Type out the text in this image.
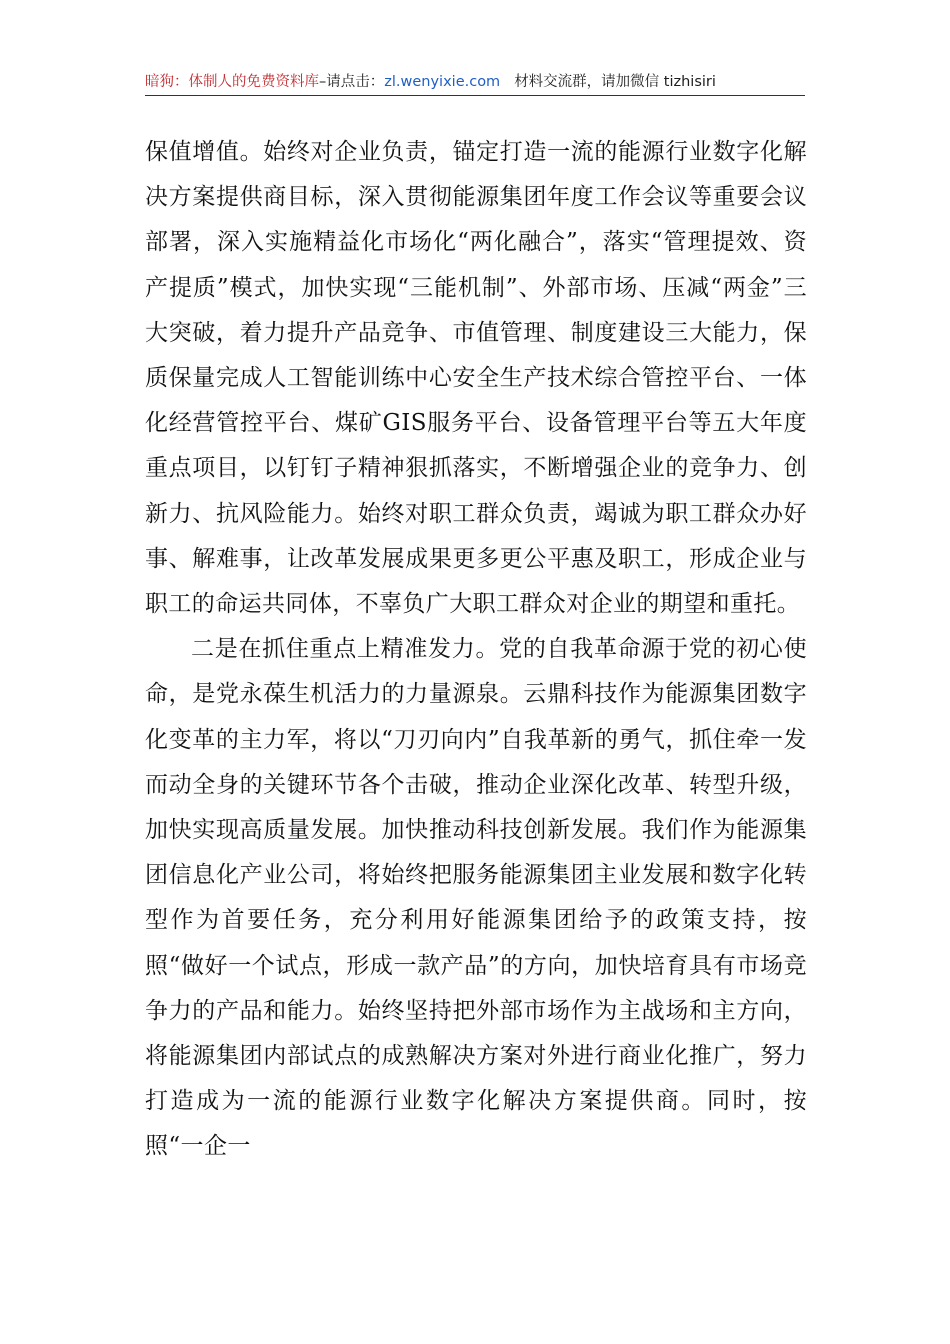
暗狗：体制人的免费资料库–请点击：zl.wenyixie.com 材料交流群，请加微信 tizhisiri

保值增值。始终对企业负责，锚定打造一流的能源行业数字化解决方案提供商目标，深入贯彻能源集团年度工作会议等重要会议部署，深入实施精益化市场化“两化融合”，落实“管理提效、资产提质”模式，加快实现“三能机制”、外部市场、压减“两金”三大突破，着力提升产品竞争、市值管理、制度建设三大能力，保质保量完成人工智能训练中心安全生产技术综合管控平台、一体化经营管控平台、煤矿GIS服务平台、设备管理平台等五大年度重点项目，以钉钉子精神狠抓落实，不断增强企业的竞争力、创新力、抗风险能力。始终对职工群众负责，竭诚为职工群众办好事、解难事，让改革发展成果更多更公平惠及职工，形成企业与职工的命运共同体，不辜负广大职工群众对企业的期望和重托。

二是在抓住重点上精准发力。党的自我革命源于党的初心使命，是党永葆生机活力的力量源泉。云鼎科技作为能源集团数字化变革的主力军，将以“刀刃向内”自我革新的勇气，抓住牵一发而动全身的关键环节各个击破，推动企业深化改革、转型升级，加快实现高质量发展。加快推动科技创新发展。我们作为能源集团信息化产业公司，将始终把服务能源集团主业发展和数字化转型作为首要任务，充分利用好能源集团给予的政策支持，按照“做好一个试点，形成一款产品”的方向，加快培育具有市场竞争力的产品和能力。始终坚持把外部市场作为主战场和主方向，将能源集团内部试点的成熟解决方案对外进行商业化推广，努力打造成为一流的能源行业数字化解决方案提供商。同时，按照“一企一
